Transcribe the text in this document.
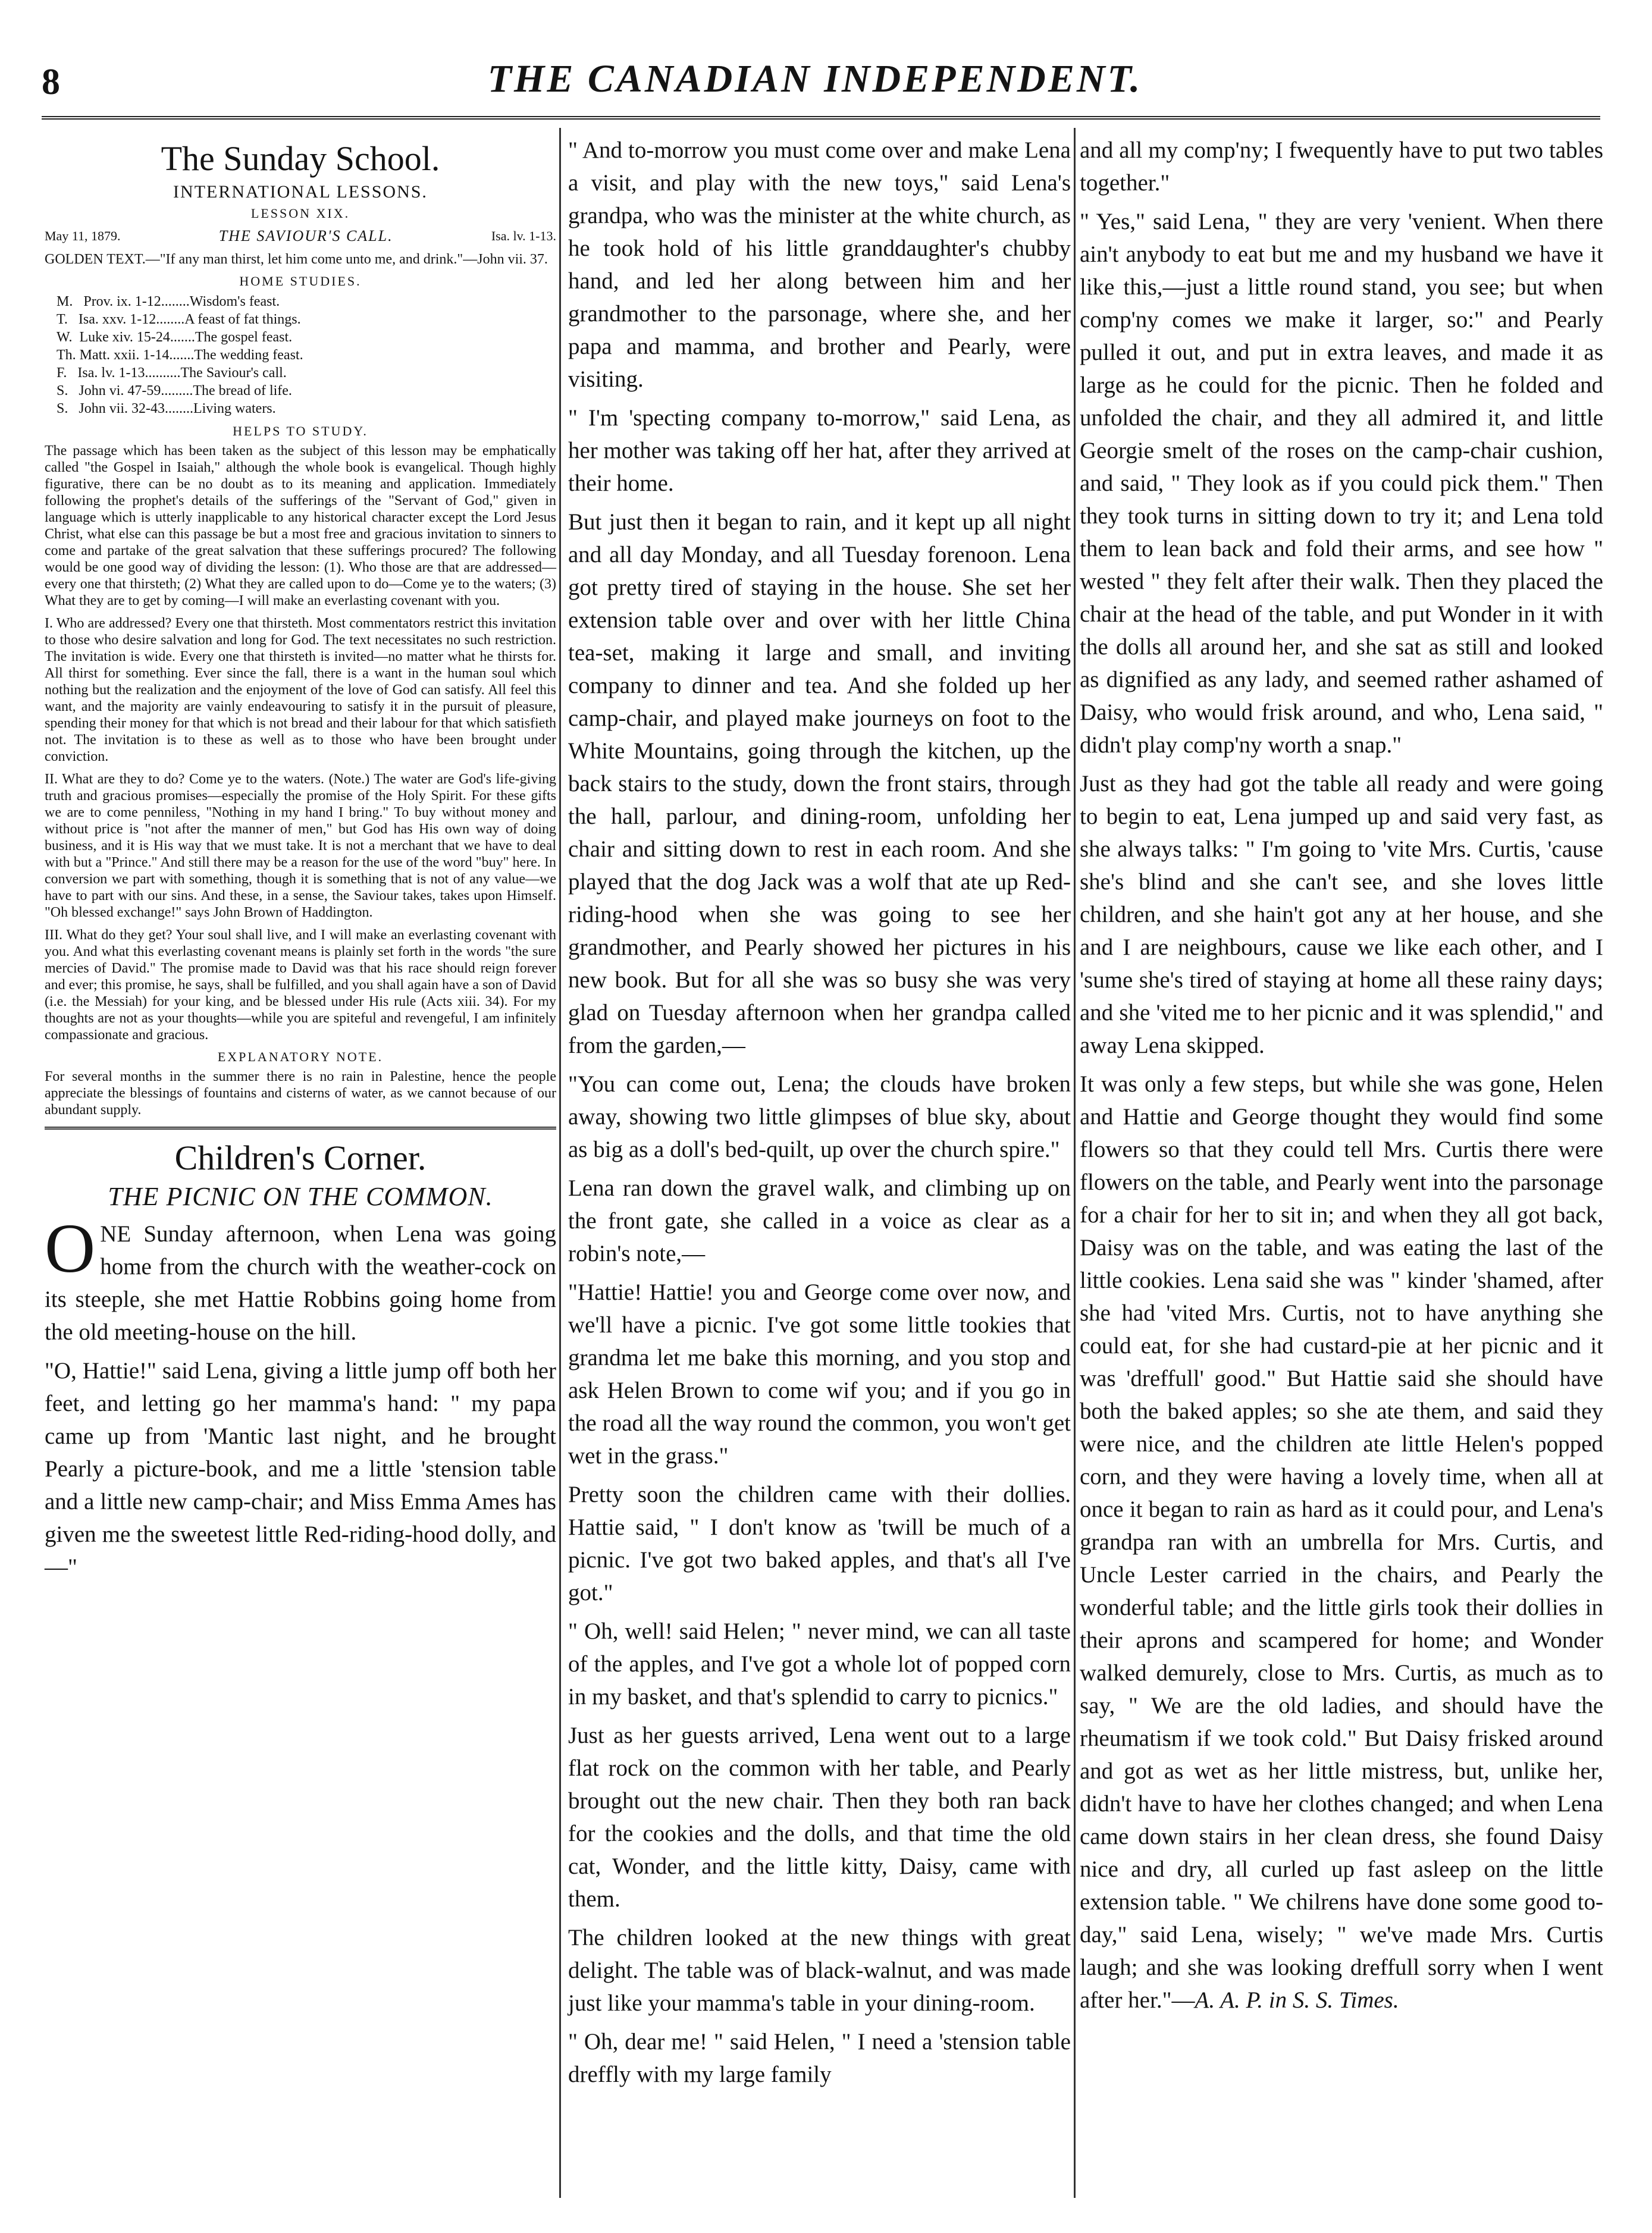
8	THE CANADIAN INDEPENDENT.
The Sunday School.
INTERNATIONAL LESSONS.
LESSON XIX.
May 11, 1879.	THE SAVIOUR'S CALL.	Isa. lv. 1-13.

GOLDEN TEXT.—"If any man thirst, let him come unto me, and drink."—John vii. 37.

HOME STUDIES.
M.   Prov. ix. 1-12........Wisdom's feast.
T.   Isa. xxv. 1-12........A feast of fat things.
W.  Luke xiv. 15-24.......The gospel feast.
Th. Matt. xxii. 1-14.......The wedding feast.
F.   Isa. lv. 1-13..........The Saviour's call.
S.   John vi. 47-59.........The bread of life.
S.   John vii. 32-43........Living waters.
HELPS TO STUDY.

The passage which has been taken as the subject of this lesson may be emphatically called "the Gospel in Isaiah," although the whole book is evangelical. Though highly figurative, there can be no doubt as to its meaning and application. Immediately following the prophet's details of the sufferings of the "Servant of God," given in language which is utterly inapplicable to any historical character except the Lord Jesus Christ, what else can this passage be but a most free and gracious invitation to sinners to come and partake of the great salvation that these sufferings procured? The following would be one good way of dividing the lesson: (1). Who those are that are addressed—every one that thirsteth; (2) What they are called upon to do—Come ye to the waters; (3) What they are to get by coming—I will make an everlasting covenant with you.

I. Who are addressed? Every one that thirsteth. Most commentators restrict this invitation to those who desire salvation and long for God. The text necessitates no such restriction. The invitation is wide. Every one that thirsteth is invited—no matter what he thirsts for. All thirst for something. Ever since the fall, there is a want in the human soul which nothing but the realization and the enjoyment of the love of God can satisfy. All feel this want, and the majority are vainly endeavouring to satisfy it in the pursuit of pleasure, spending their money for that which is not bread and their labour for that which satisfieth not. The invitation is to these as well as to those who have been brought under conviction.

II. What are they to do? Come ye to the waters. (Note.) The water are God's life-giving truth and gracious promises—especially the promise of the Holy Spirit. For these gifts we are to come penniless, "Nothing in my hand I bring." To buy without money and without price is "not after the manner of men," but God has His own way of doing business, and it is His way that we must take. It is not a merchant that we have to deal with but a "Prince." And still there may be a reason for the use of the word "buy" here. In conversion we part with something, though it is something that is not of any value—we have to part with our sins. And these, in a sense, the Saviour takes, takes upon Himself. "Oh blessed exchange!" says John Brown of Haddington.

III. What do they get? Your soul shall live, and I will make an everlasting covenant with you. And what this everlasting covenant means is plainly set forth in the words "the sure mercies of David." The promise made to David was that his race should reign forever and ever; this promise, he says, shall be fulfilled, and you shall again have a son of David (i.e. the Messiah) for your king, and be blessed under His rule (Acts xiii. 34). For my thoughts are not as your thoughts—while you are spiteful and revengeful, I am infinitely compassionate and gracious.

EXPLANATORY NOTE.

For several months in the summer there is no rain in Palestine, hence the people appreciate the blessings of fountains and cisterns of water, as we cannot because of our abundant supply.

Children's Corner.
THE PICNIC ON THE COMMON.

ONE Sunday afternoon, when Lena was going home from the church with the weather-cock on its steeple, she met Hattie Robbins going home from the old meeting-house on the hill.

"O, Hattie!" said Lena, giving a little jump off both her feet, and letting go her mamma's hand: " my papa came up from 'Mantic last night, and he brought Pearly a picture-book, and me a little 'stension table and a little new camp-chair; and Miss Emma Ames has given me the sweetest little Red-riding-hood dolly, and—"

" And to-morrow you must come over and make Lena a visit, and play with the new toys," said Lena's grandpa, who was the minister at the white church, as he took hold of his little granddaughter's chubby hand, and led her along between him and her grandmother to the parsonage, where she, and her papa and mamma, and brother and Pearly, were visiting.

" I'm 'specting company to-morrow," said Lena, as her mother was taking off her hat, after they arrived at their home.

But just then it began to rain, and it kept up all night and all day Monday, and all Tuesday forenoon. Lena got pretty tired of staying in the house. She set her extension table over and over with her little China tea-set, making it large and small, and inviting company to dinner and tea. And she folded up her camp-chair, and played make journeys on foot to the White Mountains, going through the kitchen, up the back stairs to the study, down the front stairs, through the hall, parlour, and dining-room, unfolding her chair and sitting down to rest in each room. And she played that the dog Jack was a wolf that ate up Red-riding-hood when she was going to see her grandmother, and Pearly showed her pictures in his new book. But for all she was so busy she was very glad on Tuesday afternoon when her grandpa called from the garden,—

"You can come out, Lena; the clouds have broken away, showing two little glimpses of blue sky, about as big as a doll's bed-quilt, up over the church spire."

Lena ran down the gravel walk, and climbing up on the front gate, she called in a voice as clear as a robin's note,—

"Hattie! Hattie! you and George come over now, and we'll have a picnic. I've got some little tookies that grandma let me bake this morning, and you stop and ask Helen Brown to come wif you; and if you go in the road all the way round the common, you won't get wet in the grass."

Pretty soon the children came with their dollies. Hattie said, " I don't know as 'twill be much of a picnic. I've got two baked apples, and that's all I've got."

" Oh, well! said Helen; " never mind, we can all taste of the apples, and I've got a whole lot of popped corn in my basket, and that's splendid to carry to picnics."

Just as her guests arrived, Lena went out to a large flat rock on the common with her table, and Pearly brought out the new chair. Then they both ran back for the cookies and the dolls, and that time the old cat, Wonder, and the little kitty, Daisy, came with them.

The children looked at the new things with great delight. The table was of black-walnut, and was made just like your mamma's table in your dining-room.

" Oh, dear me! " said Helen, " I need a 'stension table dreffly with my large family

and all my comp'ny; I fwequently have to put two tables together."

" Yes," said Lena, " they are very 'venient. When there ain't anybody to eat but me and my husband we have it like this,—just a little round stand, you see; but when comp'ny comes we make it larger, so:" and Pearly pulled it out, and put in extra leaves, and made it as large as he could for the picnic. Then he folded and unfolded the chair, and they all admired it, and little Georgie smelt of the roses on the camp-chair cushion, and said, " They look as if you could pick them." Then they took turns in sitting down to try it; and Lena told them to lean back and fold their arms, and see how " wested " they felt after their walk. Then they placed the chair at the head of the table, and put Wonder in it with the dolls all around her, and she sat as still and looked as dignified as any lady, and seemed rather ashamed of Daisy, who would frisk around, and who, Lena said, " didn't play comp'ny worth a snap."

Just as they had got the table all ready and were going to begin to eat, Lena jumped up and said very fast, as she always talks: " I'm going to 'vite Mrs. Curtis, 'cause she's blind and she can't see, and she loves little children, and she hain't got any at her house, and she and I are neighbours, cause we like each other, and I 'sume she's tired of staying at home all these rainy days; and she 'vited me to her picnic and it was splendid," and away Lena skipped.

It was only a few steps, but while she was gone, Helen and Hattie and George thought they would find some flowers so that they could tell Mrs. Curtis there were flowers on the table, and Pearly went into the parsonage for a chair for her to sit in; and when they all got back, Daisy was on the table, and was eating the last of the little cookies. Lena said she was " kinder 'shamed, after she had 'vited Mrs. Curtis, not to have anything she could eat, for she had custard-pie at her picnic and it was 'dreffull' good." But Hattie said she should have both the baked apples; so she ate them, and said they were nice, and the children ate little Helen's popped corn, and they were having a lovely time, when all at once it began to rain as hard as it could pour, and Lena's grandpa ran with an umbrella for Mrs. Curtis, and Uncle Lester carried in the chairs, and Pearly the wonderful table; and the little girls took their dollies in their aprons and scampered for home; and Wonder walked demurely, close to Mrs. Curtis, as much as to say, " We are the old ladies, and should have the rheumatism if we took cold." But Daisy frisked around and got as wet as her little mistress, but, unlike her, didn't have to have her clothes changed; and when Lena came down stairs in her clean dress, she found Daisy nice and dry, all curled up fast asleep on the little extension table. " We chilrens have done some good to-day," said Lena, wisely; " we've made Mrs. Curtis laugh; and she was looking dreffull sorry when I went after her."—A. A. P. in S. S. Times.
